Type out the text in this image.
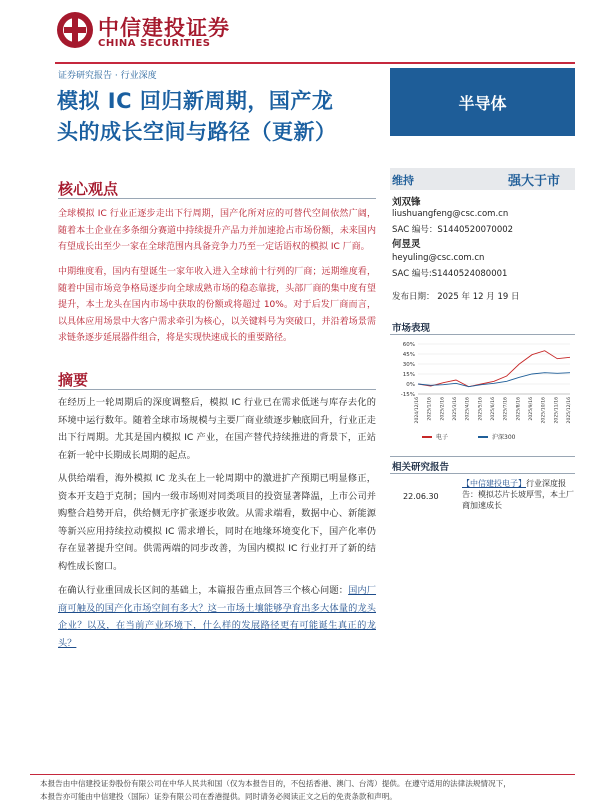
中信建投证券
CHINA SECURITIES
证券研究报告 · 行业深度
模拟 IC 回归新周期，国产龙
头的成长空间与路径（更新）
半导体
核心观点
全球模拟 IC 行业正逐步走出下行周期，国产化所对应的可替代空间依然广阔，随着本土企业在多条细分赛道中持续提升产品力并加速抢占市场份额，未来国内有望成长出至少一家在全球范围内具备竞争力乃至一定话语权的模拟 IC 厂商。
中期维度看，国内有望诞生一家年收入进入全球前十行列的厂商；远期维度看，随着中国市场竞争格局逐步向全球成熟市场的稳态靠拢，头部厂商的集中度有望提升，本土龙头在国内市场中获取的份额或将超过 10%。对于后发厂商而言，以具体应用场景中大客户需求牵引为核心，以关键料号为突破口，并沿着场景需求链条逐步延展器件组合，将是实现快速成长的重要路径。
摘要
在经历上一轮周期后的深度调整后，模拟 IC 行业已在需求低迷与库存去化的环境中运行数年。随着全球市场规模与主要厂商业绩逐步触底回升，行业正走出下行周期。尤其是国内模拟 IC 产业，在国产替代持续推进的背景下，正站在新一轮中长期成长周期的起点。
从供给端看，海外模拟 IC 龙头在上一轮周期中的激进扩产预期已明显修正，资本开支趋于克制；国内一级市场则对同类项目的投资显著降温，上市公司并购整合趋势开启，供给侧无序扩张逐步收敛。从需求端看，数据中心、新能源等新兴应用持续拉动模拟 IC 需求增长，同时在地缘环境变化下，国产化率仍存在显著提升空间。供需两端的同步改善，为国内模拟 IC 行业打开了新的结构性成长窗口。
在确认行业重回成长区间的基础上，本篇报告重点回答三个核心问题：国内厂商可触及的国产化市场空间有多大？这一市场土壤能够孕育出多大体量的龙头企业？以及，在当前产业环境下，什么样的发展路径更有可能诞生真正的龙头？
维持	强大于市
刘双锋
liushuangfeng@csc.com.cn
SAC 编号：S1440520070002
何昱灵
heyuling@csc.com.cn
SAC 编号:S1440524080001
发布日期： 2025 年 12 月 19 日
市场表现
60%
45%
30%
15%
0%
-15%
2024/12/16 2025/1/16 2025/2/16 2025/3/16 2025/4/16 2025/5/16 2025/6/16 2025/7/16 2025/8/16 2025/9/16 2025/10/16 2025/11/16 2025/12/16
电子	沪深300
相关研究报告
22.06.30
【中信建投电子】行业深度报告：模拟芯片长坡厚雪，本土厂商加速成长
本报告由中信建投证券股份有限公司在中华人民共和国（仅为本报告目的，不包括香港、澳门、台湾）提供。在遵守适用的法律法规情况下，
本报告亦可能由中信建投（国际）证券有限公司在香港提供。同时请务必阅读正文之后的免责条款和声明。
